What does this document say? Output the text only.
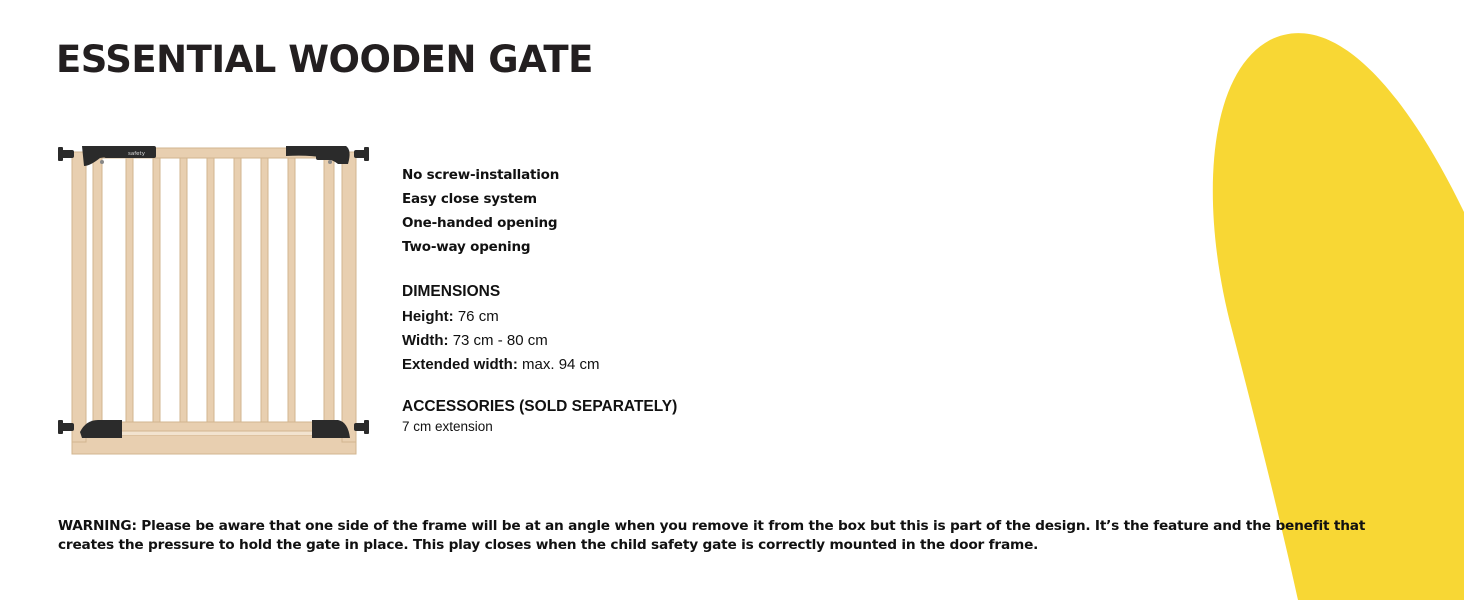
ESSENTIAL WOODEN GATE
safety
No screw-installation
Easy close system
One-handed opening
Two-way opening
DIMENSIONS
Height: 76 cm
Width: 73 cm - 80 cm
Extended width: max. 94 cm
ACCESSORIES (SOLD SEPARATELY)
7 cm extension

WARNING: Please be aware that one side of the frame will be at an angle when you remove it from the box but this is part of the design. It’s the feature and the benefit that creates the pressure to hold the gate in place. This play closes when the child safety gate is correctly mounted in the door frame.
